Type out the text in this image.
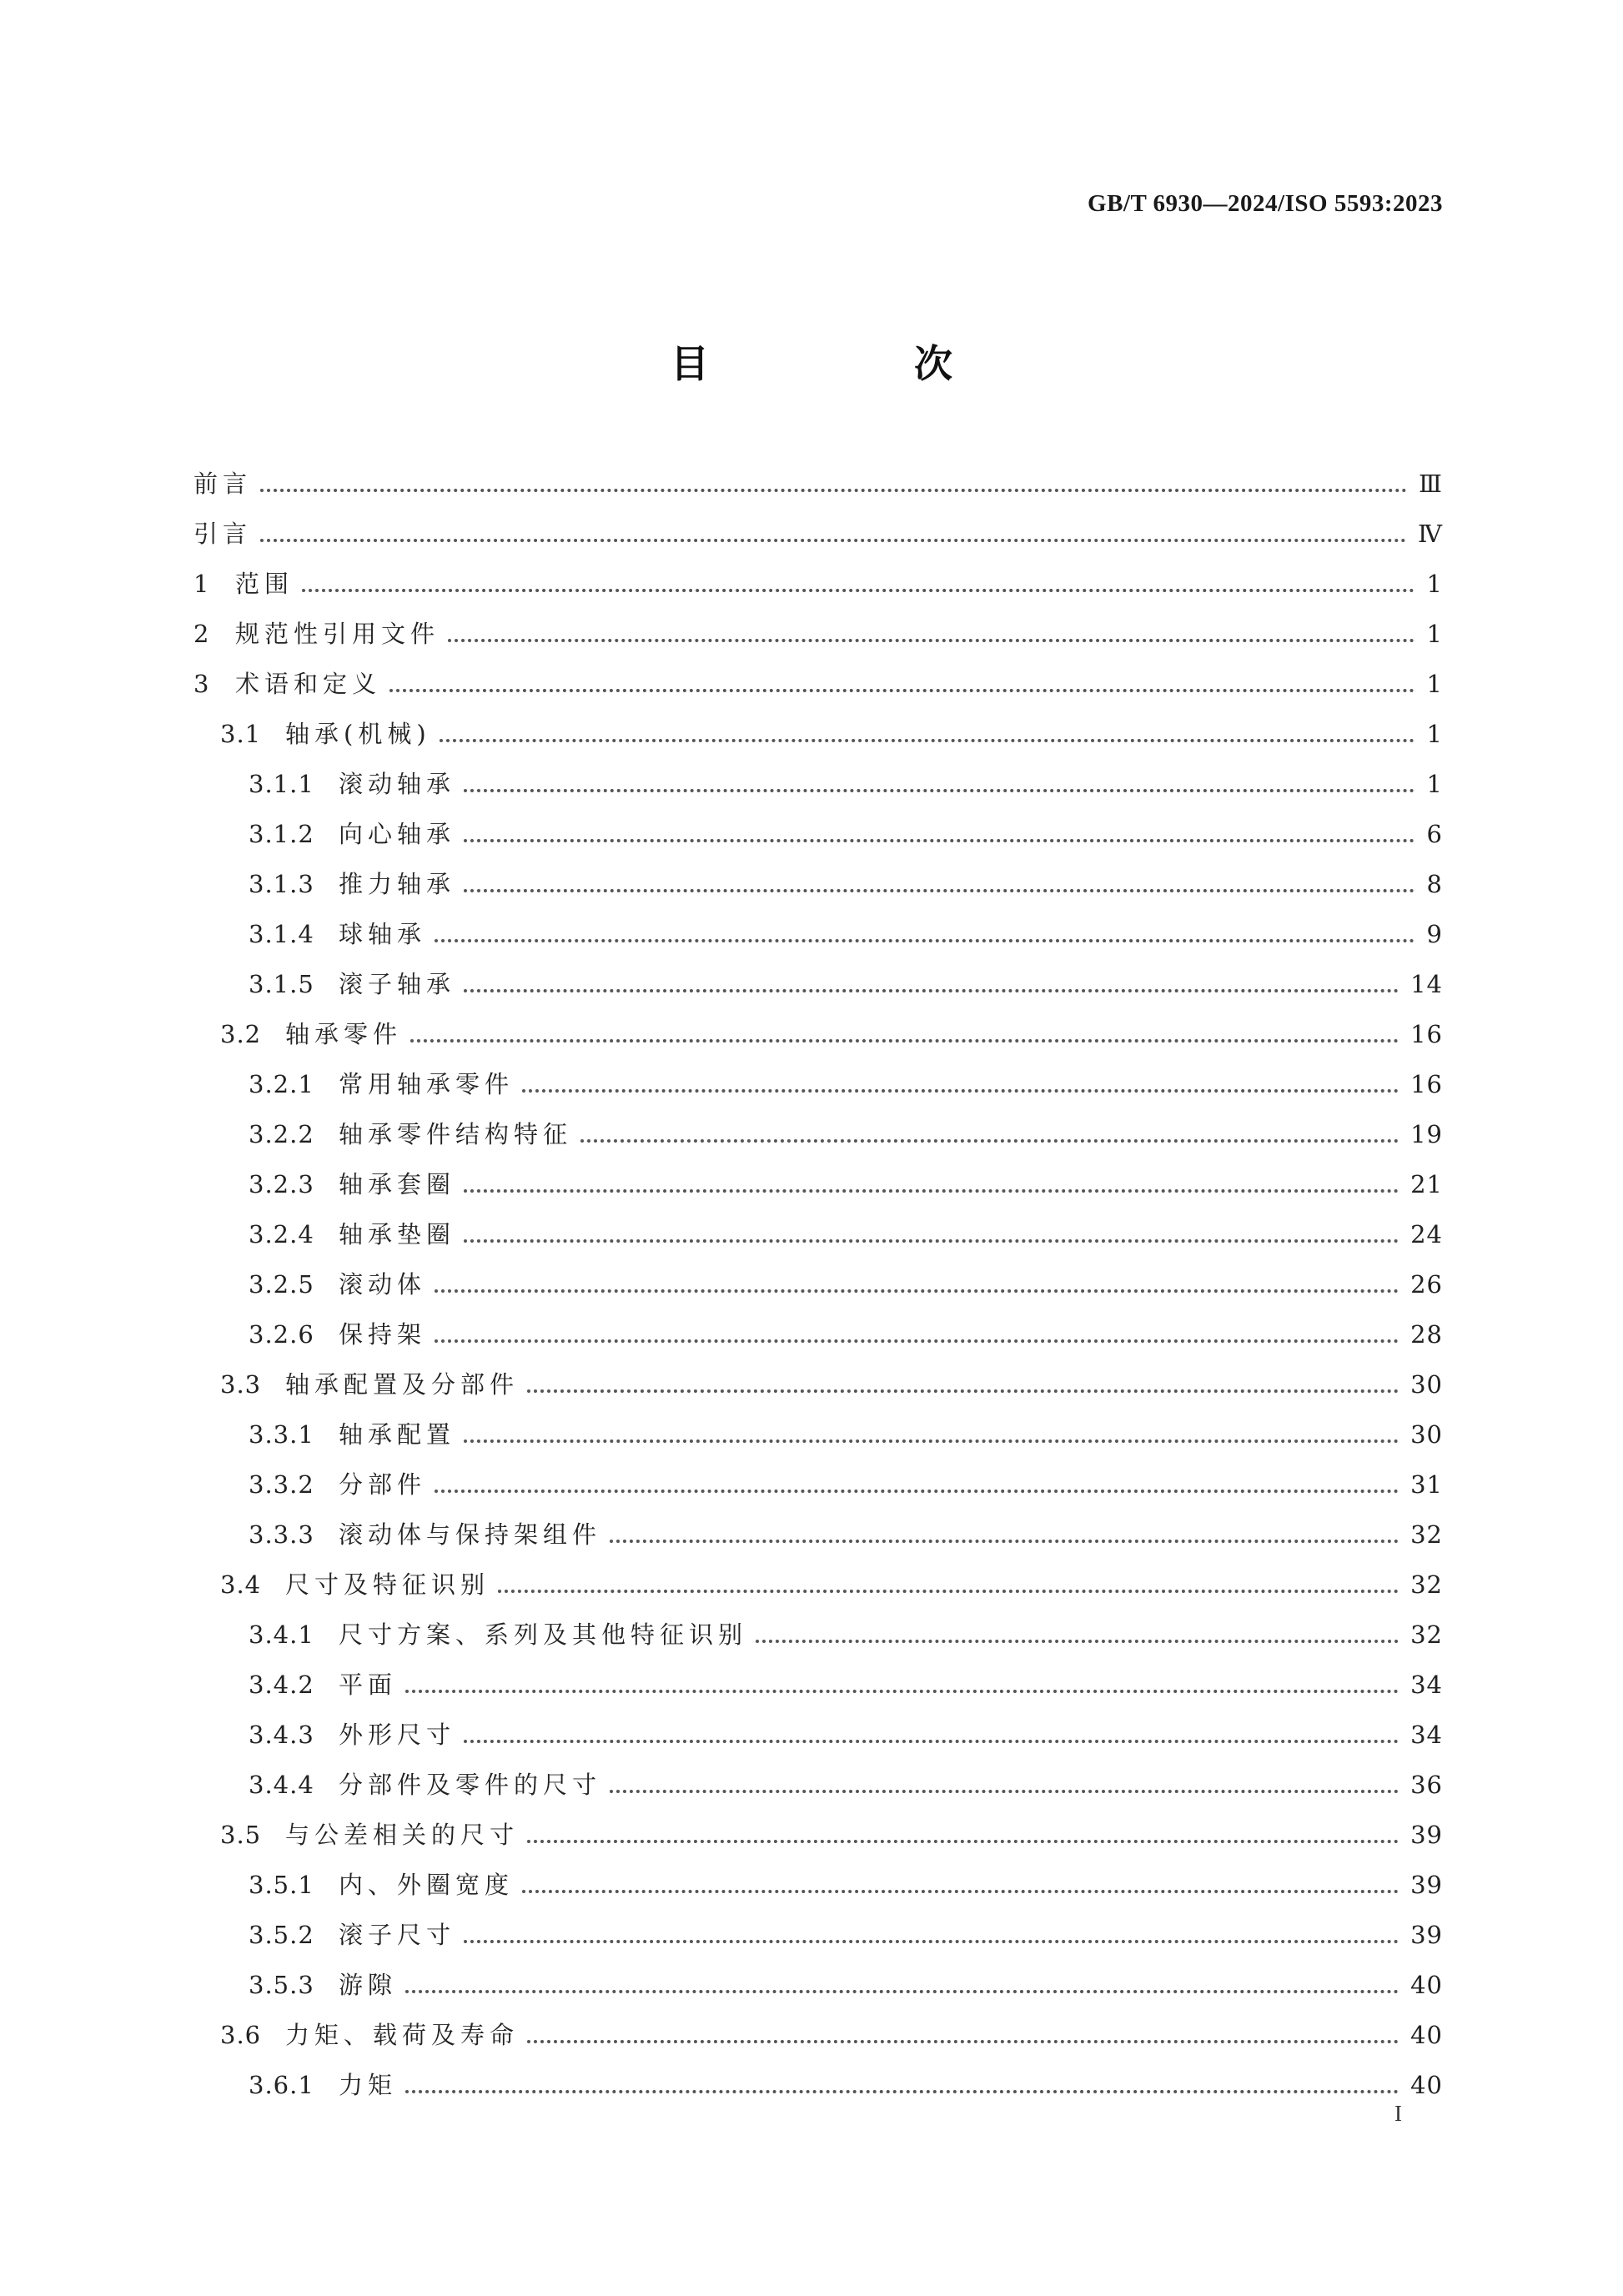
GB/T 6930—2024/ISO 5593:2023
目　次
前言	Ⅲ
引言	Ⅳ
1	范围	1
2	规范性引用文件	1
3	术语和定义	1
3.1 轴承(机械)	1
3.1.1	滚动轴承	1
3.1.2	向心轴承	6
3.1.3	推力轴承	8
3.1.4	球轴承	9
3.1.5	滚子轴承	14
3.2 轴承零件	16
3.2.1	常用轴承零件	16
3.2.2	轴承零件结构特征	19
3.2.3	轴承套圈	21
3.2.4	轴承垫圈	24
3.2.5	滚动体	26
3.2.6	保持架	28
3.3 轴承配置及分部件	30
3.3.1	轴承配置	30
3.3.2	分部件	31
3.3.3	滚动体与保持架组件	32
3.4 尺寸及特征识别	32
3.4.1	尺寸方案、系列及其他特征识别	32
3.4.2	平面	34
3.4.3	外形尺寸	34
3.4.4	分部件及零件的尺寸	36
3.5 与公差相关的尺寸	39
3.5.1	内、外圈宽度	39
3.5.2	滚子尺寸	39
3.5.3	游隙	40
3.6 力矩、载荷及寿命	40
3.6.1	力矩	40
I
